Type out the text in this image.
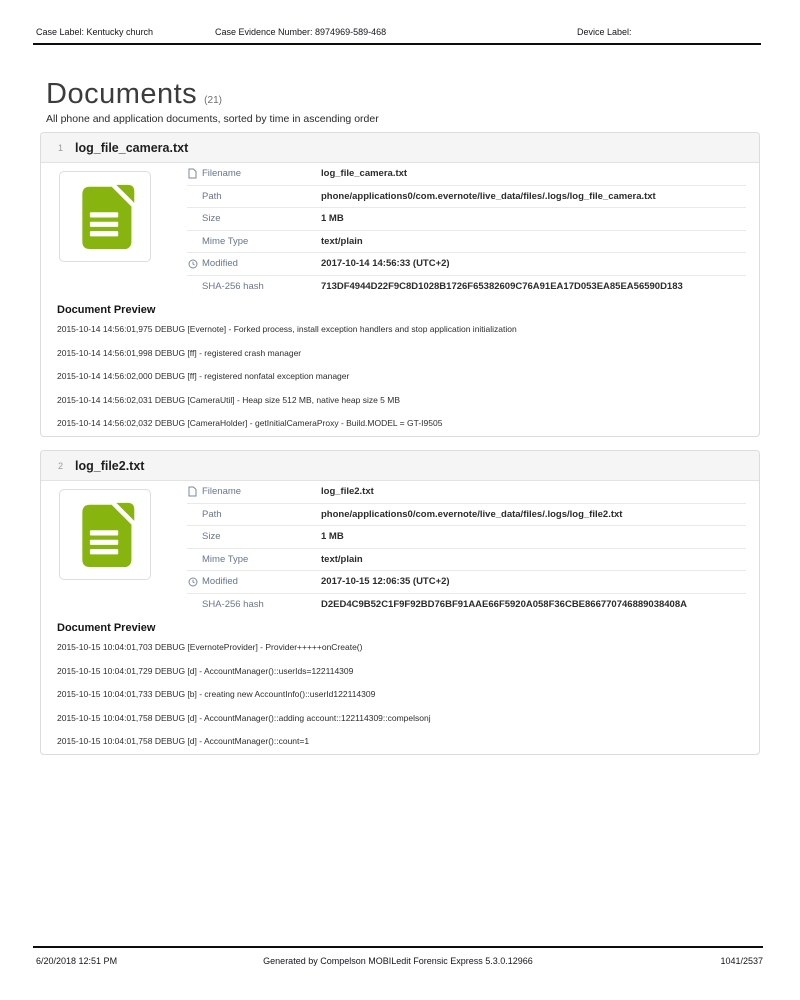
Case Label: Kentucky church	Case Evidence Number: 8974969-589-468	Device Label:
Documents (21)
All phone and application documents, sorted by time in ascending order
1 log_file_camera.txt
Filename	log_file_camera.txt
Path	phone/applications0/com.evernote/live_data/files/.logs/log_file_camera.txt
Size	1 MB
Mime Type	text/plain
Modified	2017-10-14 14:56:33 (UTC+2)
SHA-256 hash	713DF4944D22F9C8D1028B1726F65382609C76A91EA17D053EA85EA56590D183
Document Preview
2015-10-14 14:56:01,975 DEBUG [Evernote] - Forked process, install exception handlers and stop application initialization
2015-10-14 14:56:01,998 DEBUG [ff] - registered crash manager
2015-10-14 14:56:02,000 DEBUG [ff] - registered nonfatal exception manager
2015-10-14 14:56:02,031 DEBUG [CameraUtil] - Heap size 512 MB, native heap size 5 MB
2015-10-14 14:56:02,032 DEBUG [CameraHolder] - getInitialCameraProxy - Build.MODEL = GT-I9505
2 log_file2.txt
Filename	log_file2.txt
Path	phone/applications0/com.evernote/live_data/files/.logs/log_file2.txt
Size	1 MB
Mime Type	text/plain
Modified	2017-10-15 12:06:35 (UTC+2)
SHA-256 hash	D2ED4C9B52C1F9F92BD76BF91AAE66F5920A058F36CBE866770746889038408A
Document Preview
2015-10-15 10:04:01,703 DEBUG [EvernoteProvider] - Provider+++++onCreate()
2015-10-15 10:04:01,729 DEBUG [d] - AccountManager()::userIds=122114309
2015-10-15 10:04:01,733 DEBUG [b] - creating new AccountInfo()::userId122114309
2015-10-15 10:04:01,758 DEBUG [d] - AccountManager()::adding account::122114309::compelsonj
2015-10-15 10:04:01,758 DEBUG [d] - AccountManager()::count=1
Generated by Compelson MOBILedit Forensic Express 5.3.0.12966
6/20/2018 12:51 PM	1041/2537
